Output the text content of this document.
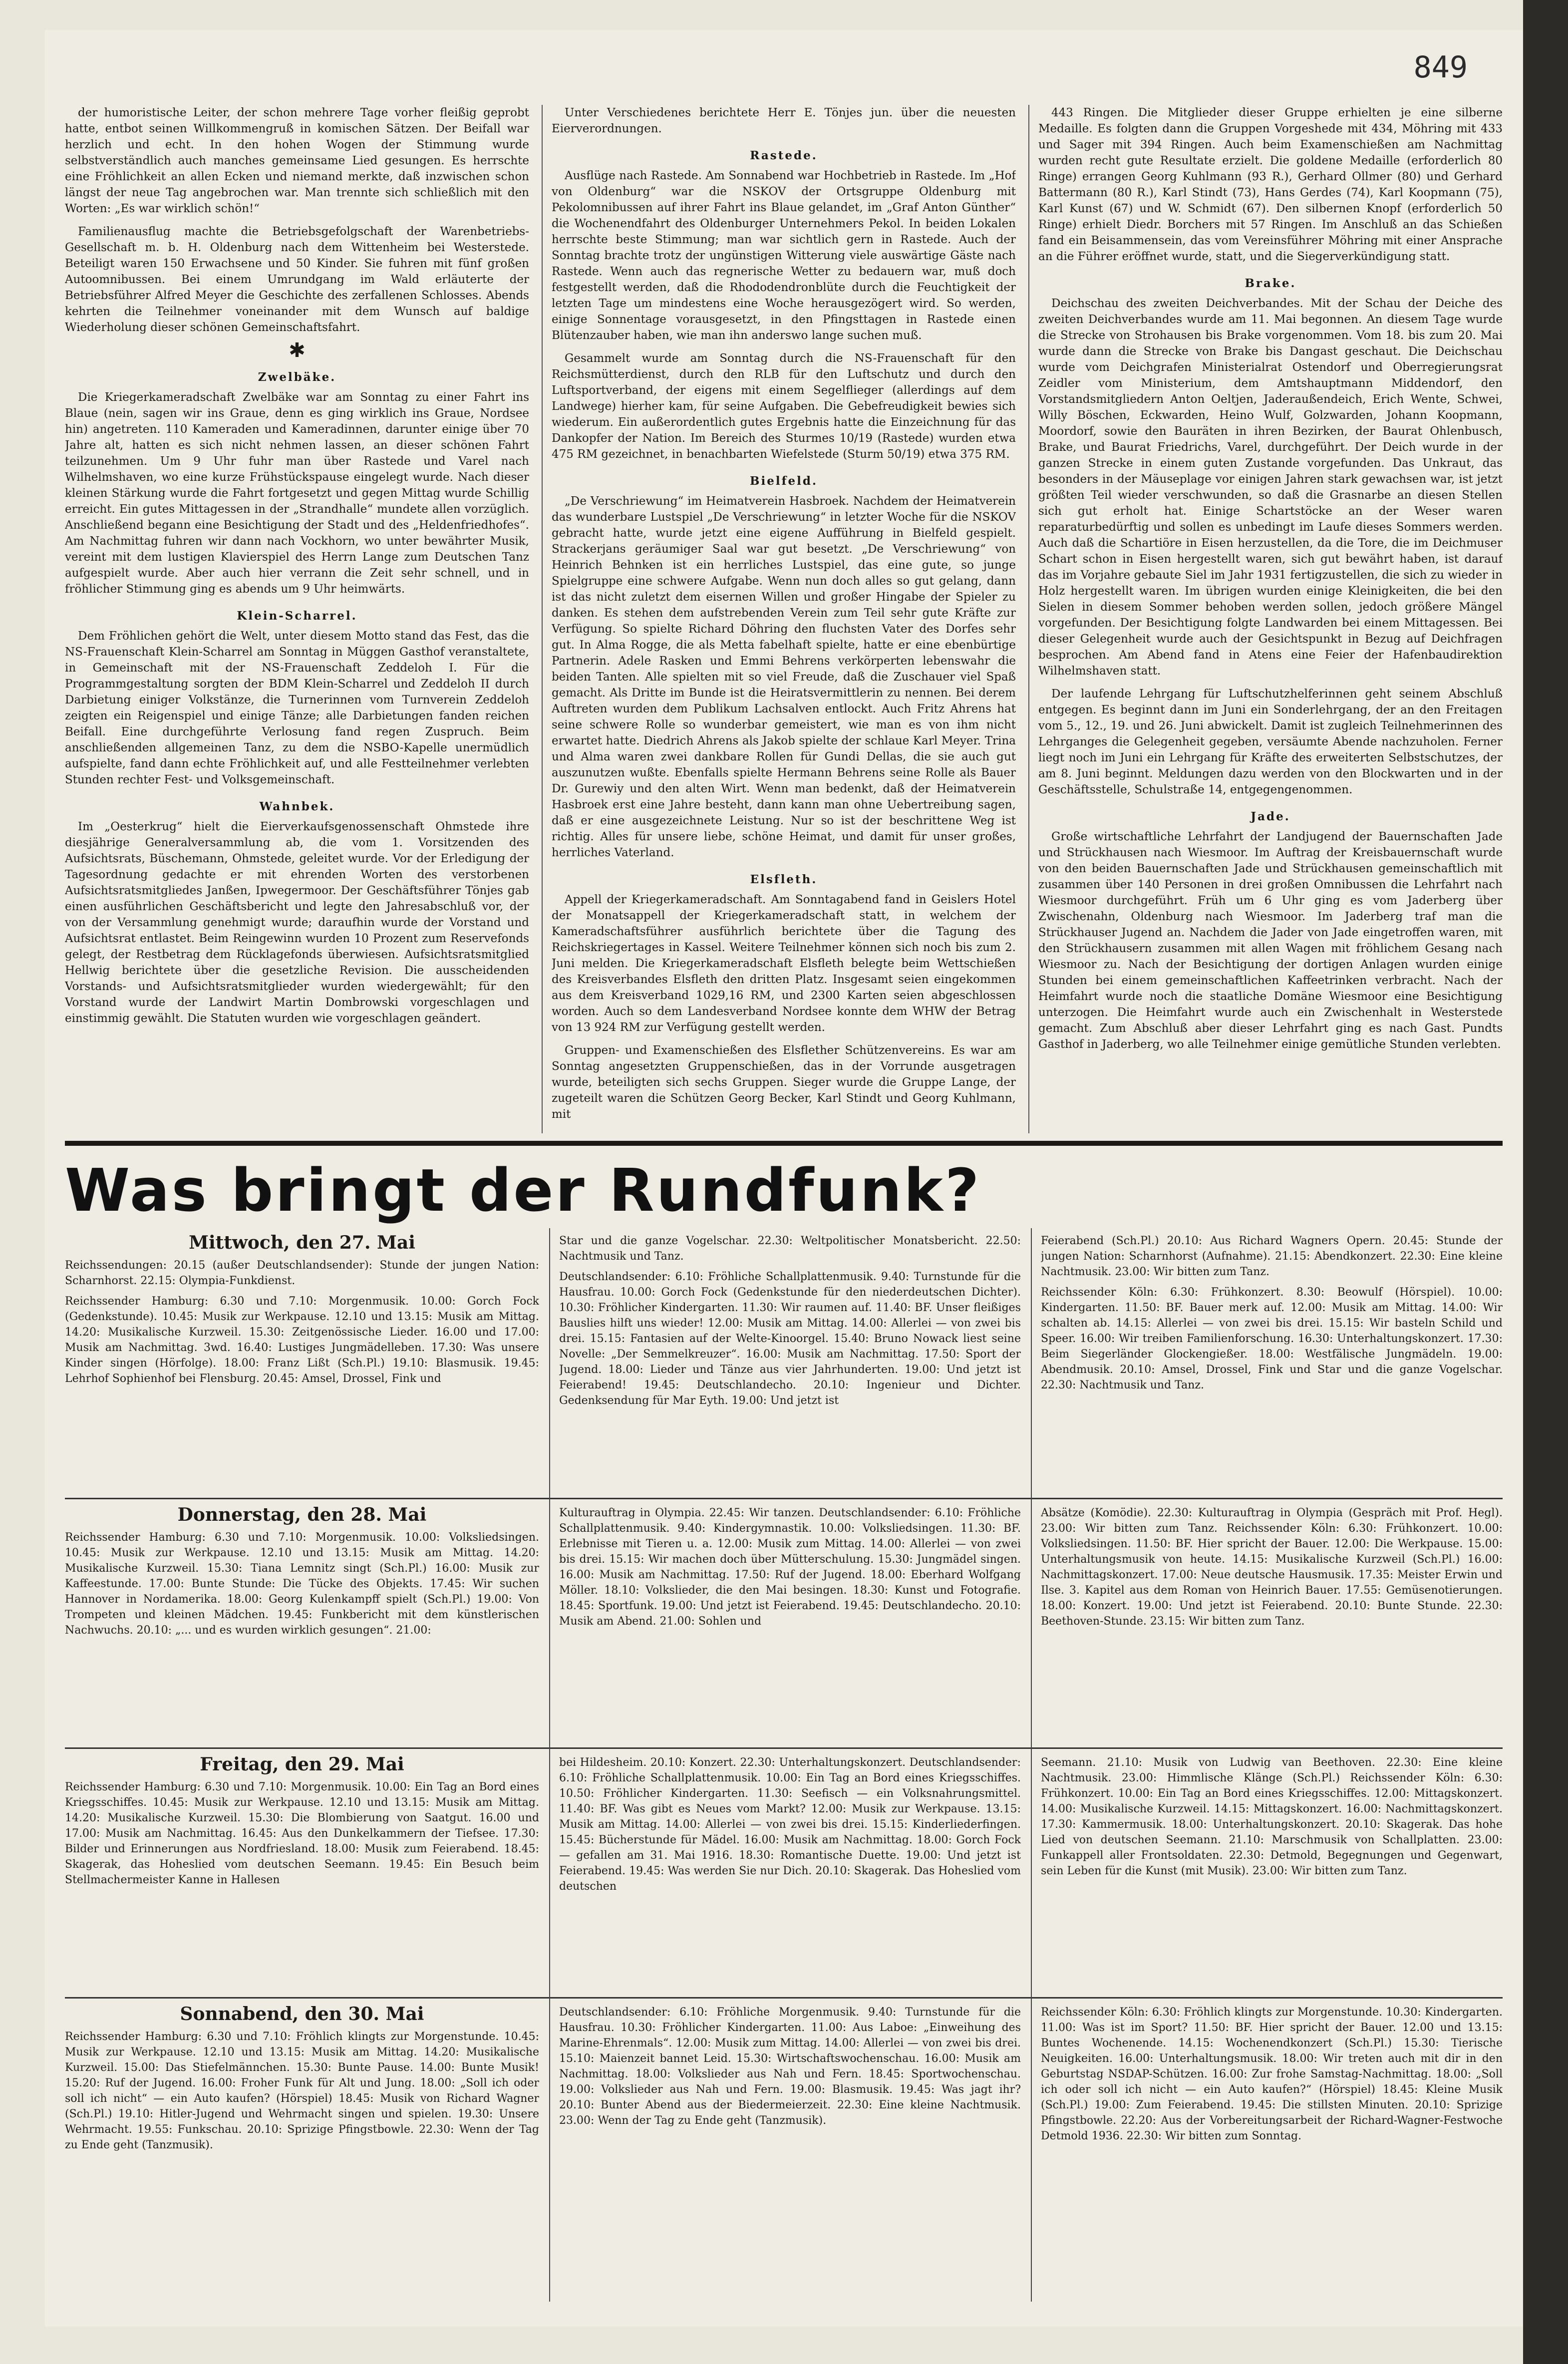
849

der humoristische Leiter, der schon mehrere Tage vorher fleißig geprobt hatte, entbot seinen Willkommengruß in komischen Sätzen. Der Beifall war herzlich und echt. In den hohen Wogen der Stimmung wurde selbstverständlich auch manches gemeinsame Lied gesungen. Es herrschte eine Fröhlichkeit an allen Ecken und niemand merkte, daß inzwischen schon längst der neue Tag angebrochen war. Man trennte sich schließlich mit den Worten: „Es war wirklich schön!“

Familienausflug machte die Betriebsgefolgschaft der Warenbetriebs-Gesellschaft m. b. H. Oldenburg nach dem Wittenheim bei Westerstede. Beteiligt waren 150 Erwachsene und 50 Kinder. Sie fuhren mit fünf großen Autoomnibussen. Bei einem Umrundgang im Wald erläuterte der Betriebsführer Alfred Meyer die Geschichte des zerfallenen Schlosses. Abends kehrten die Teilnehmer voneinander mit dem Wunsch auf baldige Wiederholung dieser schönen Gemeinschaftsfahrt.

✱

Zwelbäke.

Die Kriegerkameradschaft Zwelbäke war am Sonntag zu einer Fahrt ins Blaue (nein, sagen wir ins Graue, denn es ging wirklich ins Graue, Nordsee hin) angetreten. 110 Kameraden und Kameradinnen, darunter einige über 70 Jahre alt, hatten es sich nicht nehmen lassen, an dieser schönen Fahrt teilzunehmen. Um 9 Uhr fuhr man über Rastede und Varel nach Wilhelmshaven, wo eine kurze Frühstückspause eingelegt wurde. Nach dieser kleinen Stärkung wurde die Fahrt fortgesetzt und gegen Mittag wurde Schillig erreicht. Ein gutes Mittagessen in der „Strandhalle“ mundete allen vorzüglich. Anschließend begann eine Besichtigung der Stadt und des „Heldenfriedhofes“. Am Nachmittag fuhren wir dann nach Vockhorn, wo unter bewährter Musik, vereint mit dem lustigen Klavierspiel des Herrn Lange zum Deutschen Tanz aufgespielt wurde. Aber auch hier verrann die Zeit sehr schnell, und in fröhlicher Stimmung ging es abends um 9 Uhr heimwärts.

Klein-Scharrel.

Dem Fröhlichen gehört die Welt, unter diesem Motto stand das Fest, das die NS-Frauenschaft Klein-Scharrel am Sonntag in Müggen Gasthof veranstaltete, in Gemeinschaft mit der NS-Frauenschaft Zeddeloh I. Für die Programmgestaltung sorgten der BDM Klein-Scharrel und Zeddeloh II durch Darbietung einiger Volkstänze, die Turnerinnen vom Turnverein Zeddeloh zeigten ein Reigenspiel und einige Tänze; alle Darbietungen fanden reichen Beifall. Eine durchgeführte Verlosung fand regen Zuspruch. Beim anschließenden allgemeinen Tanz, zu dem die NSBO-Kapelle unermüdlich aufspielte, fand dann echte Fröhlichkeit auf, und alle Festteilnehmer verlebten Stunden rechter Fest- und Volksgemeinschaft.

Wahnbek.

Im „Oesterkrug“ hielt die Eierverkaufsgenossenschaft Ohmstede ihre diesjährige Generalversammlung ab, die vom 1. Vorsitzenden des Aufsichtsrats, Büschemann, Ohmstede, geleitet wurde. Vor der Erledigung der Tagesordnung gedachte er mit ehrenden Worten des verstorbenen Aufsichtsratsmitgliedes Janßen, Ipwegermoor. Der Geschäftsführer Tönjes gab einen ausführlichen Geschäftsbericht und legte den Jahresabschluß vor, der von der Versammlung genehmigt wurde; daraufhin wurde der Vorstand und Aufsichtsrat entlastet. Beim Reingewinn wurden 10 Prozent zum Reservefonds gelegt, der Restbetrag dem Rücklagefonds überwiesen. Aufsichtsratsmitglied Hellwig berichtete über die gesetzliche Revision. Die ausscheidenden Vorstands- und Aufsichtsratsmitglieder wurden wiedergewählt; für den Vorstand wurde der Landwirt Martin Dombrowski vorgeschlagen und einstimmig gewählt. Die Statuten wurden wie vorgeschlagen geändert.

Unter Verschiedenes berichtete Herr E. Tönjes jun. über die neuesten Eierverordnungen.

Rastede.

Ausflüge nach Rastede. Am Sonnabend war Hochbetrieb in Rastede. Im „Hof von Oldenburg“ war die NSKOV der Ortsgruppe Oldenburg mit Pekolomnibussen auf ihrer Fahrt ins Blaue gelandet, im „Graf Anton Günther“ die Wochenendfahrt des Oldenburger Unternehmers Pekol. In beiden Lokalen herrschte beste Stimmung; man war sichtlich gern in Rastede. Auch der Sonntag brachte trotz der ungünstigen Witterung viele auswärtige Gäste nach Rastede. Wenn auch das regnerische Wetter zu bedauern war, muß doch festgestellt werden, daß die Rhododendronblüte durch die Feuchtigkeit der letzten Tage um mindestens eine Woche herausgezögert wird. So werden, einige Sonnentage vorausgesetzt, in den Pfingsttagen in Rastede einen Blütenzauber haben, wie man ihn anderswo lange suchen muß.

Gesammelt wurde am Sonntag durch die NS-Frauenschaft für den Reichsmütterdienst, durch den RLB für den Luftschutz und durch den Luftsportverband, der eigens mit einem Segelflieger (allerdings auf dem Landwege) hierher kam, für seine Aufgaben. Die Gebefreudigkeit bewies sich wiederum. Ein außerordentlich gutes Ergebnis hatte die Einzeichnung für das Dankopfer der Nation. Im Bereich des Sturmes 10/19 (Rastede) wurden etwa 475 RM gezeichnet, in benachbarten Wiefelstede (Sturm 50/19) etwa 375 RM.

Bielfeld.

„De Verschriewung“ im Heimatverein Hasbroek. Nachdem der Heimatverein das wunderbare Lustspiel „De Verschriewung“ in letzter Woche für die NSKOV gebracht hatte, wurde jetzt eine eigene Aufführung in Bielfeld gespielt. Strackerjans geräumiger Saal war gut besetzt. „De Verschriewung“ von Heinrich Behnken ist ein herrliches Lustspiel, das eine gute, so junge Spielgruppe eine schwere Aufgabe. Wenn nun doch alles so gut gelang, dann ist das nicht zuletzt dem eisernen Willen und großer Hingabe der Spieler zu danken. Es stehen dem aufstrebenden Verein zum Teil sehr gute Kräfte zur Verfügung. So spielte Richard Döhring den fluchsten Vater des Dorfes sehr gut. In Alma Rogge, die als Metta fabelhaft spielte, hatte er eine ebenbürtige Partnerin. Adele Rasken und Emmi Behrens verkörperten lebenswahr die beiden Tanten. Alle spielten mit so viel Freude, daß die Zuschauer viel Spaß gemacht. Als Dritte im Bunde ist die Heiratsvermittlerin zu nennen. Bei derem Auftreten wurden dem Publikum Lachsalven entlockt. Auch Fritz Ahrens hat seine schwere Rolle so wunderbar gemeistert, wie man es von ihm nicht erwartet hatte. Diedrich Ahrens als Jakob spielte der schlaue Karl Meyer. Trina und Alma waren zwei dankbare Rollen für Gundi Dellas, die sie auch gut auszunutzen wußte. Ebenfalls spielte Hermann Behrens seine Rolle als Bauer Dr. Gurewiy und den alten Wirt. Wenn man bedenkt, daß der Heimatverein Hasbroek erst eine Jahre besteht, dann kann man ohne Uebertreibung sagen, daß er eine ausgezeichnete Leistung. Nur so ist der beschrittene Weg ist richtig. Alles für unsere liebe, schöne Heimat, und damit für unser großes, herrliches Vaterland.

Elsfleth.

Appell der Kriegerkameradschaft. Am Sonntagabend fand in Geislers Hotel der Monatsappell der Kriegerkameradschaft statt, in welchem der Kameradschaftsführer ausführlich berichtete über die Tagung des Reichskriegertages in Kassel. Weitere Teilnehmer können sich noch bis zum 2. Juni melden. Die Kriegerkameradschaft Elsfleth belegte beim Wettschießen des Kreisverbandes Elsfleth den dritten Platz. Insgesamt seien eingekommen aus dem Kreisverband 1029,16 RM, und 2300 Karten seien abgeschlossen worden. Auch so dem Landesverband Nordsee konnte dem WHW der Betrag von 13 924 RM zur Verfügung gestellt werden.

Gruppen- und Examenschießen des Elsflether Schützenvereins. Es war am Sonntag angesetzten Gruppenschießen, das in der Vorrunde ausgetragen wurde, beteiligten sich sechs Gruppen. Sieger wurde die Gruppe Lange, der zugeteilt waren die Schützen Georg Becker, Karl Stindt und Georg Kuhlmann, mit

443 Ringen. Die Mitglieder dieser Gruppe erhielten je eine silberne Medaille. Es folgten dann die Gruppen Vorgeshede mit 434, Möhring mit 433 und Sager mit 394 Ringen. Auch beim Examenschießen am Nachmittag wurden recht gute Resultate erzielt. Die goldene Medaille (erforderlich 80 Ringe) errangen Georg Kuhlmann (93 R.), Gerhard Ollmer (80) und Gerhard Battermann (80 R.), Karl Stindt (73), Hans Gerdes (74), Karl Koopmann (75), Karl Kunst (67) und W. Schmidt (67). Den silbernen Knopf (erforderlich 50 Ringe) erhielt Diedr. Borchers mit 57 Ringen. Im Anschluß an das Schießen fand ein Beisammensein, das vom Vereinsführer Möhring mit einer Ansprache an die Führer eröffnet wurde, statt, und die Siegerverkündigung statt.

Brake.

Deichschau des zweiten Deichverbandes. Mit der Schau der Deiche des zweiten Deichverbandes wurde am 11. Mai begonnen. An diesem Tage wurde die Strecke von Strohausen bis Brake vorgenommen. Vom 18. bis zum 20. Mai wurde dann die Strecke von Brake bis Dangast geschaut. Die Deichschau wurde vom Deichgrafen Ministerialrat Ostendorf und Oberregierungsrat Zeidler vom Ministerium, dem Amtshauptmann Middendorf, den Vorstandsmitgliedern Anton Oeltjen, Jaderaußendeich, Erich Wente, Schwei, Willy Böschen, Eckwarden, Heino Wulf, Golzwarden, Johann Koopmann, Moordorf, sowie den Bauräten in ihren Bezirken, der Baurat Ohlenbusch, Brake, und Baurat Friedrichs, Varel, durchgeführt. Der Deich wurde in der ganzen Strecke in einem guten Zustande vorgefunden. Das Unkraut, das besonders in der Mäuseplage vor einigen Jahren stark gewachsen war, ist jetzt größten Teil wieder verschwunden, so daß die Grasnarbe an diesen Stellen sich gut erholt hat. Einige Schartstöcke an der Weser waren reparaturbedürftig und sollen es unbedingt im Laufe dieses Sommers werden. Auch daß die Schartiöre in Eisen herzustellen, da die Tore, die im Deichmuser Schart schon in Eisen hergestellt waren, sich gut bewährt haben, ist darauf das im Vorjahre gebaute Siel im Jahr 1931 fertigzustellen, die sich zu wieder in Holz hergestellt waren. Im übrigen wurden einige Kleinigkeiten, die bei den Sielen in diesem Sommer behoben werden sollen, jedoch größere Mängel vorgefunden. Der Besichtigung folgte Landwarden bei einem Mittagessen. Bei dieser Gelegenheit wurde auch der Gesichtspunkt in Bezug auf Deichfragen besprochen. Am Abend fand in Atens eine Feier der Hafenbaudirektion Wilhelmshaven statt.

Der laufende Lehrgang für Luftschutzhelferinnen geht seinem Abschluß entgegen. Es beginnt dann im Juni ein Sonderlehrgang, der an den Freitagen vom 5., 12., 19. und 26. Juni abwickelt. Damit ist zugleich Teilnehmerinnen des Lehrganges die Gelegenheit gegeben, versäumte Abende nachzuholen. Ferner liegt noch im Juni ein Lehrgang für Kräfte des erweiterten Selbstschutzes, der am 8. Juni beginnt. Meldungen dazu werden von den Blockwarten und in der Geschäftsstelle, Schulstraße 14, entgegengenommen.

Jade.

Große wirtschaftliche Lehrfahrt der Landjugend der Bauernschaften Jade und Strückhausen nach Wiesmoor. Im Auftrag der Kreisbauernschaft wurde von den beiden Bauernschaften Jade und Strückhausen gemeinschaftlich mit zusammen über 140 Personen in drei großen Omnibussen die Lehrfahrt nach Wiesmoor durchgeführt. Früh um 6 Uhr ging es vom Jaderberg über Zwischenahn, Oldenburg nach Wiesmoor. Im Jaderberg traf man die Strückhauser Jugend an. Nachdem die Jader von Jade eingetroffen waren, mit den Strückhausern zusammen mit allen Wagen mit fröhlichem Gesang nach Wiesmoor zu. Nach der Besichtigung der dortigen Anlagen wurden einige Stunden bei einem gemeinschaftlichen Kaffeetrinken verbracht. Nach der Heimfahrt wurde noch die staatliche Domäne Wiesmoor eine Besichtigung unterzogen. Die Heimfahrt wurde auch ein Zwischenhalt in Westerstede gemacht. Zum Abschluß aber dieser Lehrfahrt ging es nach Gast. Pundts Gasthof in Jaderberg, wo alle Teilnehmer einige gemütliche Stunden verlebten.

Was bringt der Rundfunk?
Mittwoch, den 27. Mai

Reichssendungen: 20.15 (außer Deutschlandsender): Stunde der jungen Nation: Scharnhorst. 22.15: Olympia-Funkdienst.

Reichssender Hamburg: 6.30 und 7.10: Morgenmusik. 10.00: Gorch Fock (Gedenkstunde). 10.45: Musik zur Werkpause. 12.10 und 13.15: Musik am Mittag. 14.20: Musikalische Kurzweil. 15.30: Zeitgenössische Lieder. 16.00 und 17.00: Musik am Nachmittag. 3wd. 16.40: Lustiges Jungmädelleben. 17.30: Was unsere Kinder singen (Hörfolge). 18.00: Franz Lißt (Sch.Pl.) 19.10: Blasmusik. 19.45: Lehrhof Sophienhof bei Flensburg. 20.45: Amsel, Drossel, Fink und

Star und die ganze Vogelschar. 22.30: Weltpolitischer Monatsbericht. 22.50: Nachtmusik und Tanz.

Deutschlandsender: 6.10: Fröhliche Schallplattenmusik. 9.40: Turnstunde für die Hausfrau. 10.00: Gorch Fock (Gedenkstunde für den niederdeutschen Dichter). 10.30: Fröhlicher Kindergarten. 11.30: Wir raumen auf. 11.40: BF. Unser fleißiges Bauslies hilft uns wieder! 12.00: Musik am Mittag. 14.00: Allerlei — von zwei bis drei. 15.15: Fantasien auf der Welte-Kinoorgel. 15.40: Bruno Nowack liest seine Novelle: „Der Semmelkreuzer“. 16.00: Musik am Nachmittag. 17.50: Sport der Jugend. 18.00: Lieder und Tänze aus vier Jahrhunderten. 19.00: Und jetzt ist Feierabend! 19.45: Deutschlandecho. 20.10: Ingenieur und Dichter. Gedenksendung für Mar Eyth. 19.00: Und jetzt ist

Feierabend (Sch.Pl.) 20.10: Aus Richard Wagners Opern. 20.45: Stunde der jungen Nation: Scharnhorst (Aufnahme). 21.15: Abendkonzert. 22.30: Eine kleine Nachtmusik. 23.00: Wir bitten zum Tanz.

Reichssender Köln: 6.30: Frühkonzert. 8.30: Beowulf (Hörspiel). 10.00: Kindergarten. 11.50: BF. Bauer merk auf. 12.00: Musik am Mittag. 14.00: Wir schalten ab. 14.15: Allerlei — von zwei bis drei. 15.15: Wir basteln Schild und Speer. 16.00: Wir treiben Familienforschung. 16.30: Unterhaltungskonzert. 17.30: Beim Siegerländer Glockengießer. 18.00: Westfälische Jungmädeln. 19.00: Abendmusik. 20.10: Amsel, Drossel, Fink und Star und die ganze Vogelschar. 22.30: Nachtmusik und Tanz.

Donnerstag, den 28. Mai

Reichssender Hamburg: 6.30 und 7.10: Morgenmusik. 10.00: Volksliedsingen. 10.45: Musik zur Werkpause. 12.10 und 13.15: Musik am Mittag. 14.20: Musikalische Kurzweil. 15.30: Tiana Lemnitz singt (Sch.Pl.) 16.00: Musik zur Kaffeestunde. 17.00: Bunte Stunde: Die Tücke des Objekts. 17.45: Wir suchen Hannover in Nordamerika. 18.00: Georg Kulenkampff spielt (Sch.Pl.) 19.00: Von Trompeten und kleinen Mädchen. 19.45: Funkbericht mit dem künstlerischen Nachwuchs. 20.10: „... und es wurden wirklich gesungen“. 21.00:

Kulturauftrag in Olympia. 22.45: Wir tanzen. Deutschlandsender: 6.10: Fröhliche Schallplattenmusik. 9.40: Kindergymnastik. 10.00: Volksliedsingen. 11.30: BF. Erlebnisse mit Tieren u. a. 12.00: Musik zum Mittag. 14.00: Allerlei — von zwei bis drei. 15.15: Wir machen doch über Mütterschulung. 15.30: Jungmädel singen. 16.00: Musik am Nachmittag. 17.50: Ruf der Jugend. 18.00: Eberhard Wolfgang Möller. 18.10: Volkslieder, die den Mai besingen. 18.30: Kunst und Fotografie. 18.45: Sportfunk. 19.00: Und jetzt ist Feierabend. 19.45: Deutschlandecho. 20.10: Musik am Abend. 21.00: Sohlen und

Absätze (Komödie). 22.30: Kulturauftrag in Olympia (Gespräch mit Prof. Hegl). 23.00: Wir bitten zum Tanz. Reichssender Köln: 6.30: Frühkonzert. 10.00: Volksliedsingen. 11.50: BF. Hier spricht der Bauer. 12.00: Die Werkpause. 15.00: Unterhaltungsmusik von heute. 14.15: Musikalische Kurzweil (Sch.Pl.) 16.00: Nachmittagskonzert. 17.00: Neue deutsche Hausmusik. 17.35: Meister Erwin und Ilse. 3. Kapitel aus dem Roman von Heinrich Bauer. 17.55: Gemüsenotierungen. 18.00: Konzert. 19.00: Und jetzt ist Feierabend. 20.10: Bunte Stunde. 22.30: Beethoven-Stunde. 23.15: Wir bitten zum Tanz.

Freitag, den 29. Mai

Reichssender Hamburg: 6.30 und 7.10: Morgenmusik. 10.00: Ein Tag an Bord eines Kriegsschiffes. 10.45: Musik zur Werkpause. 12.10 und 13.15: Musik am Mittag. 14.20: Musikalische Kurzweil. 15.30: Die Blombierung von Saatgut. 16.00 und 17.00: Musik am Nachmittag. 16.45: Aus den Dunkelkammern der Tiefsee. 17.30: Bilder und Erinnerungen aus Nordfriesland. 18.00: Musik zum Feierabend. 18.45: Skagerak, das Hoheslied vom deutschen Seemann. 19.45: Ein Besuch beim Stellmachermeister Kanne in Hallesen

bei Hildesheim. 20.10: Konzert. 22.30: Unterhaltungskonzert. Deutschlandsender: 6.10: Fröhliche Schallplattenmusik. 10.00: Ein Tag an Bord eines Kriegsschiffes. 10.50: Fröhlicher Kindergarten. 11.30: Seefisch — ein Volksnahrungsmittel. 11.40: BF. Was gibt es Neues vom Markt? 12.00: Musik zur Werkpause. 13.15: Musik am Mittag. 14.00: Allerlei — von zwei bis drei. 15.15: Kinderliederfingen. 15.45: Bücherstunde für Mädel. 16.00: Musik am Nachmittag. 18.00: Gorch Fock — gefallen am 31. Mai 1916. 18.30: Romantische Duette. 19.00: Und jetzt ist Feierabend. 19.45: Was werden Sie nur Dich. 20.10: Skagerak. Das Hoheslied vom deutschen

Seemann. 21.10: Musik von Ludwig van Beethoven. 22.30: Eine kleine Nachtmusik. 23.00: Himmlische Klänge (Sch.Pl.) Reichssender Köln: 6.30: Frühkonzert. 10.00: Ein Tag an Bord eines Kriegsschiffes. 12.00: Mittagskonzert. 14.00: Musikalische Kurzweil. 14.15: Mittagskonzert. 16.00: Nachmittagskonzert. 17.30: Kammermusik. 18.00: Unterhaltungskonzert. 20.10: Skagerak. Das hohe Lied von deutschen Seemann. 21.10: Marschmusik von Schallplatten. 23.00: Funkappell aller Frontsoldaten. 22.30: Detmold, Begegnungen und Gegenwart, sein Leben für die Kunst (mit Musik). 23.00: Wir bitten zum Tanz.

Sonnabend, den 30. Mai

Reichssender Hamburg: 6.30 und 7.10: Fröhlich klingts zur Morgenstunde. 10.45: Musik zur Werkpause. 12.10 und 13.15: Musik am Mittag. 14.20: Musikalische Kurzweil. 15.00: Das Stiefelmännchen. 15.30: Bunte Pause. 14.00: Bunte Musik! 15.20: Ruf der Jugend. 16.00: Froher Funk für Alt und Jung. 18.00: „Soll ich oder soll ich nicht“ — ein Auto kaufen? (Hörspiel) 18.45: Musik von Richard Wagner (Sch.Pl.) 19.10: Hitler-Jugend und Wehrmacht singen und spielen. 19.30: Unsere Wehrmacht. 19.55: Funkschau. 20.10: Sprizige Pfingstbowle. 22.30: Wenn der Tag zu Ende geht (Tanzmusik).

Deutschlandsender: 6.10: Fröhliche Morgenmusik. 9.40: Turnstunde für die Hausfrau. 10.30: Fröhlicher Kindergarten. 11.00: Aus Laboe: „Einweihung des Marine-Ehrenmals“. 12.00: Musik zum Mittag. 14.00: Allerlei — von zwei bis drei. 15.10: Maienzeit bannet Leid. 15.30: Wirtschaftswochenschau. 16.00: Musik am Nachmittag. 18.00: Volkslieder aus Nah und Fern. 18.45: Sportwochenschau. 19.00: Volkslieder aus Nah und Fern. 19.00: Blasmusik. 19.45: Was jagt ihr? 20.10: Bunter Abend aus der Biedermeierzeit. 22.30: Eine kleine Nachtmusik. 23.00: Wenn der Tag zu Ende geht (Tanzmusik).

Reichssender Köln: 6.30: Fröhlich klingts zur Morgenstunde. 10.30: Kindergarten. 11.00: Was ist im Sport? 11.50: BF. Hier spricht der Bauer. 12.00 und 13.15: Buntes Wochenende. 14.15: Wochenendkonzert (Sch.Pl.) 15.30: Tierische Neuigkeiten. 16.00: Unterhaltungsmusik. 18.00: Wir treten auch mit dir in den Geburtstag NSDAP-Schützen. 16.00: Zur frohe Samstag-Nachmittag. 18.00: „Soll ich oder soll ich nicht — ein Auto kaufen?“ (Hörspiel) 18.45: Kleine Musik (Sch.Pl.) 19.00: Zum Feierabend. 19.45: Die stillsten Minuten. 20.10: Sprizige Pfingstbowle. 22.20: Aus der Vorbereitungsarbeit der Richard-Wagner-Festwoche Detmold 1936. 22.30: Wir bitten zum Sonntag.
